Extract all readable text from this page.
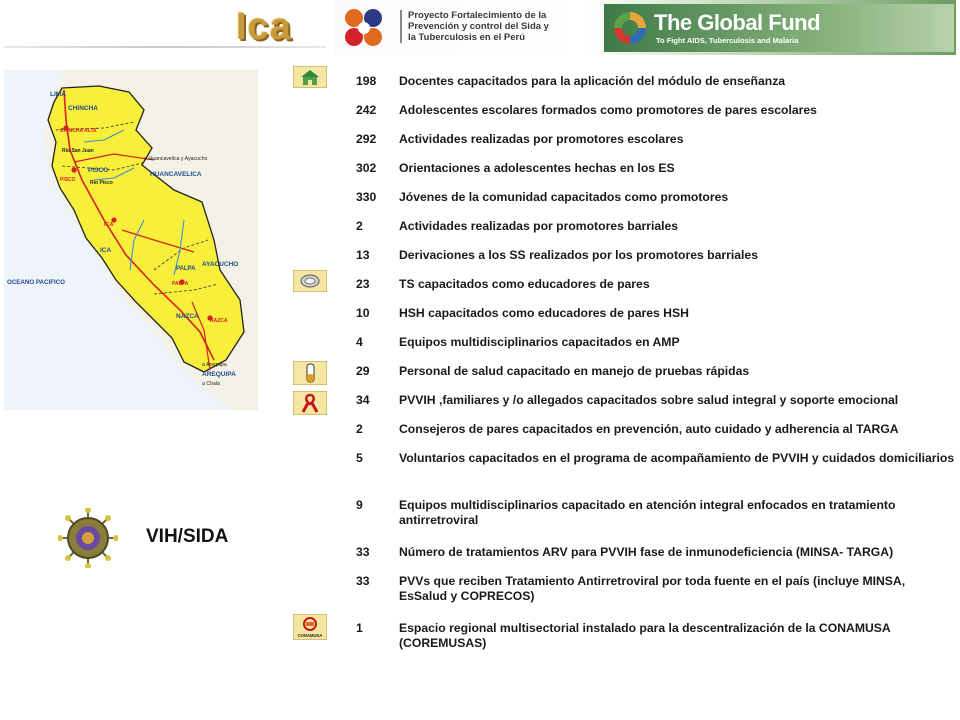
Ica	Proyecto Fortalecimiento de la
Prevención y control del Sida y
la Tuberculosis en el Perú
The Global Fund
To Fight AIDS, Tuberculosis and Malaria
LIMA
CHINCHA
CHINCHA ALTA
Río San Juan
PISCO
PISCO	Río Pisco
a Huancavelica y Ayacucho
HUANCAVELICA
ICA
ICA
OCEANO PACIFICO
AYACUCHO
PALPA
PALPA
NAZCA
NAZCA
a Arequipa
AREQUIPA
a Chala
CONAMUSA
198	Docentes capacitados para la aplicación del módulo de enseñanza
242	Adolescentes escolares formados como promotores de pares escolares
292	Actividades realizadas por promotores escolares
302	Orientaciones a adolescentes hechas en los ES
330	Jóvenes de la comunidad capacitados como promotores
2	Actividades realizadas por promotores barriales
13	Derivaciones a los SS realizados por los promotores barriales
23	TS capacitados como educadores de pares
10	HSH capacitados como educadores de pares HSH
4	Equipos multidisciplinarios capacitados en AMP
29	Personal de salud capacitado en manejo de pruebas rápidas
34	PVVIH ,familiares y /o allegados capacitados sobre salud integral y soporte emocional
2	Consejeros de pares capacitados en prevención, auto cuidado y adherencia al TARGA
5	Voluntarios capacitados en el programa de acompañamiento de PVVIH y cuidados domiciliarios
9	Equipos multidisciplinarios capacitado en atención integral enfocados en tratamiento antirretroviral
33	Número de tratamientos ARV para PVVIH fase de inmunodeficiencia (MINSA- TARGA)
33	PVVs que reciben Tratamiento Antirretroviral por toda fuente en el país (incluye MINSA, EsSalud y COPRECOS)
1	Espacio regional multisectorial instalado para la descentralización de la CONAMUSA (COREMUSAS)
VIH/SIDA
